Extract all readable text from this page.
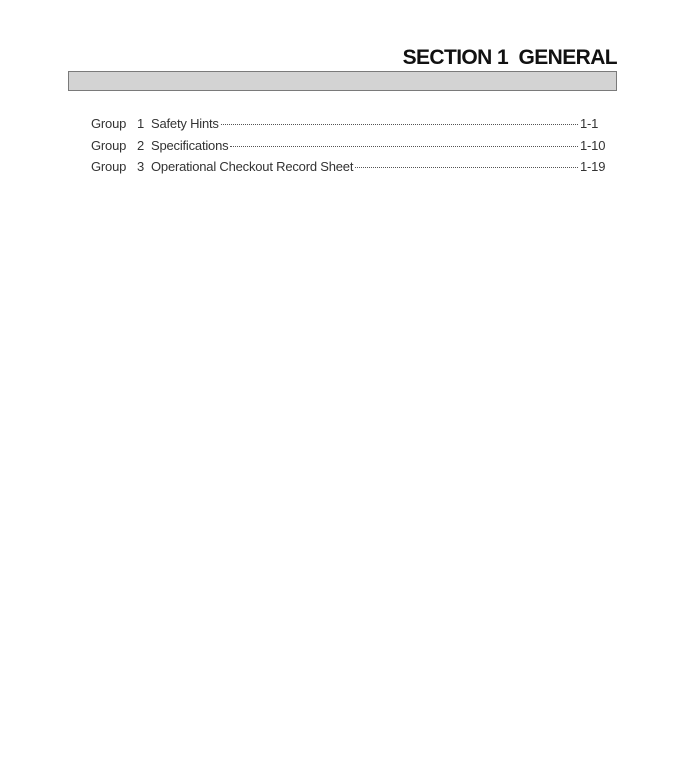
SECTION 1  GENERAL
Group 1 Safety Hints	1-1
Group 2 Specifications	1-10
Group 3 Operational Checkout Record Sheet	1-19
